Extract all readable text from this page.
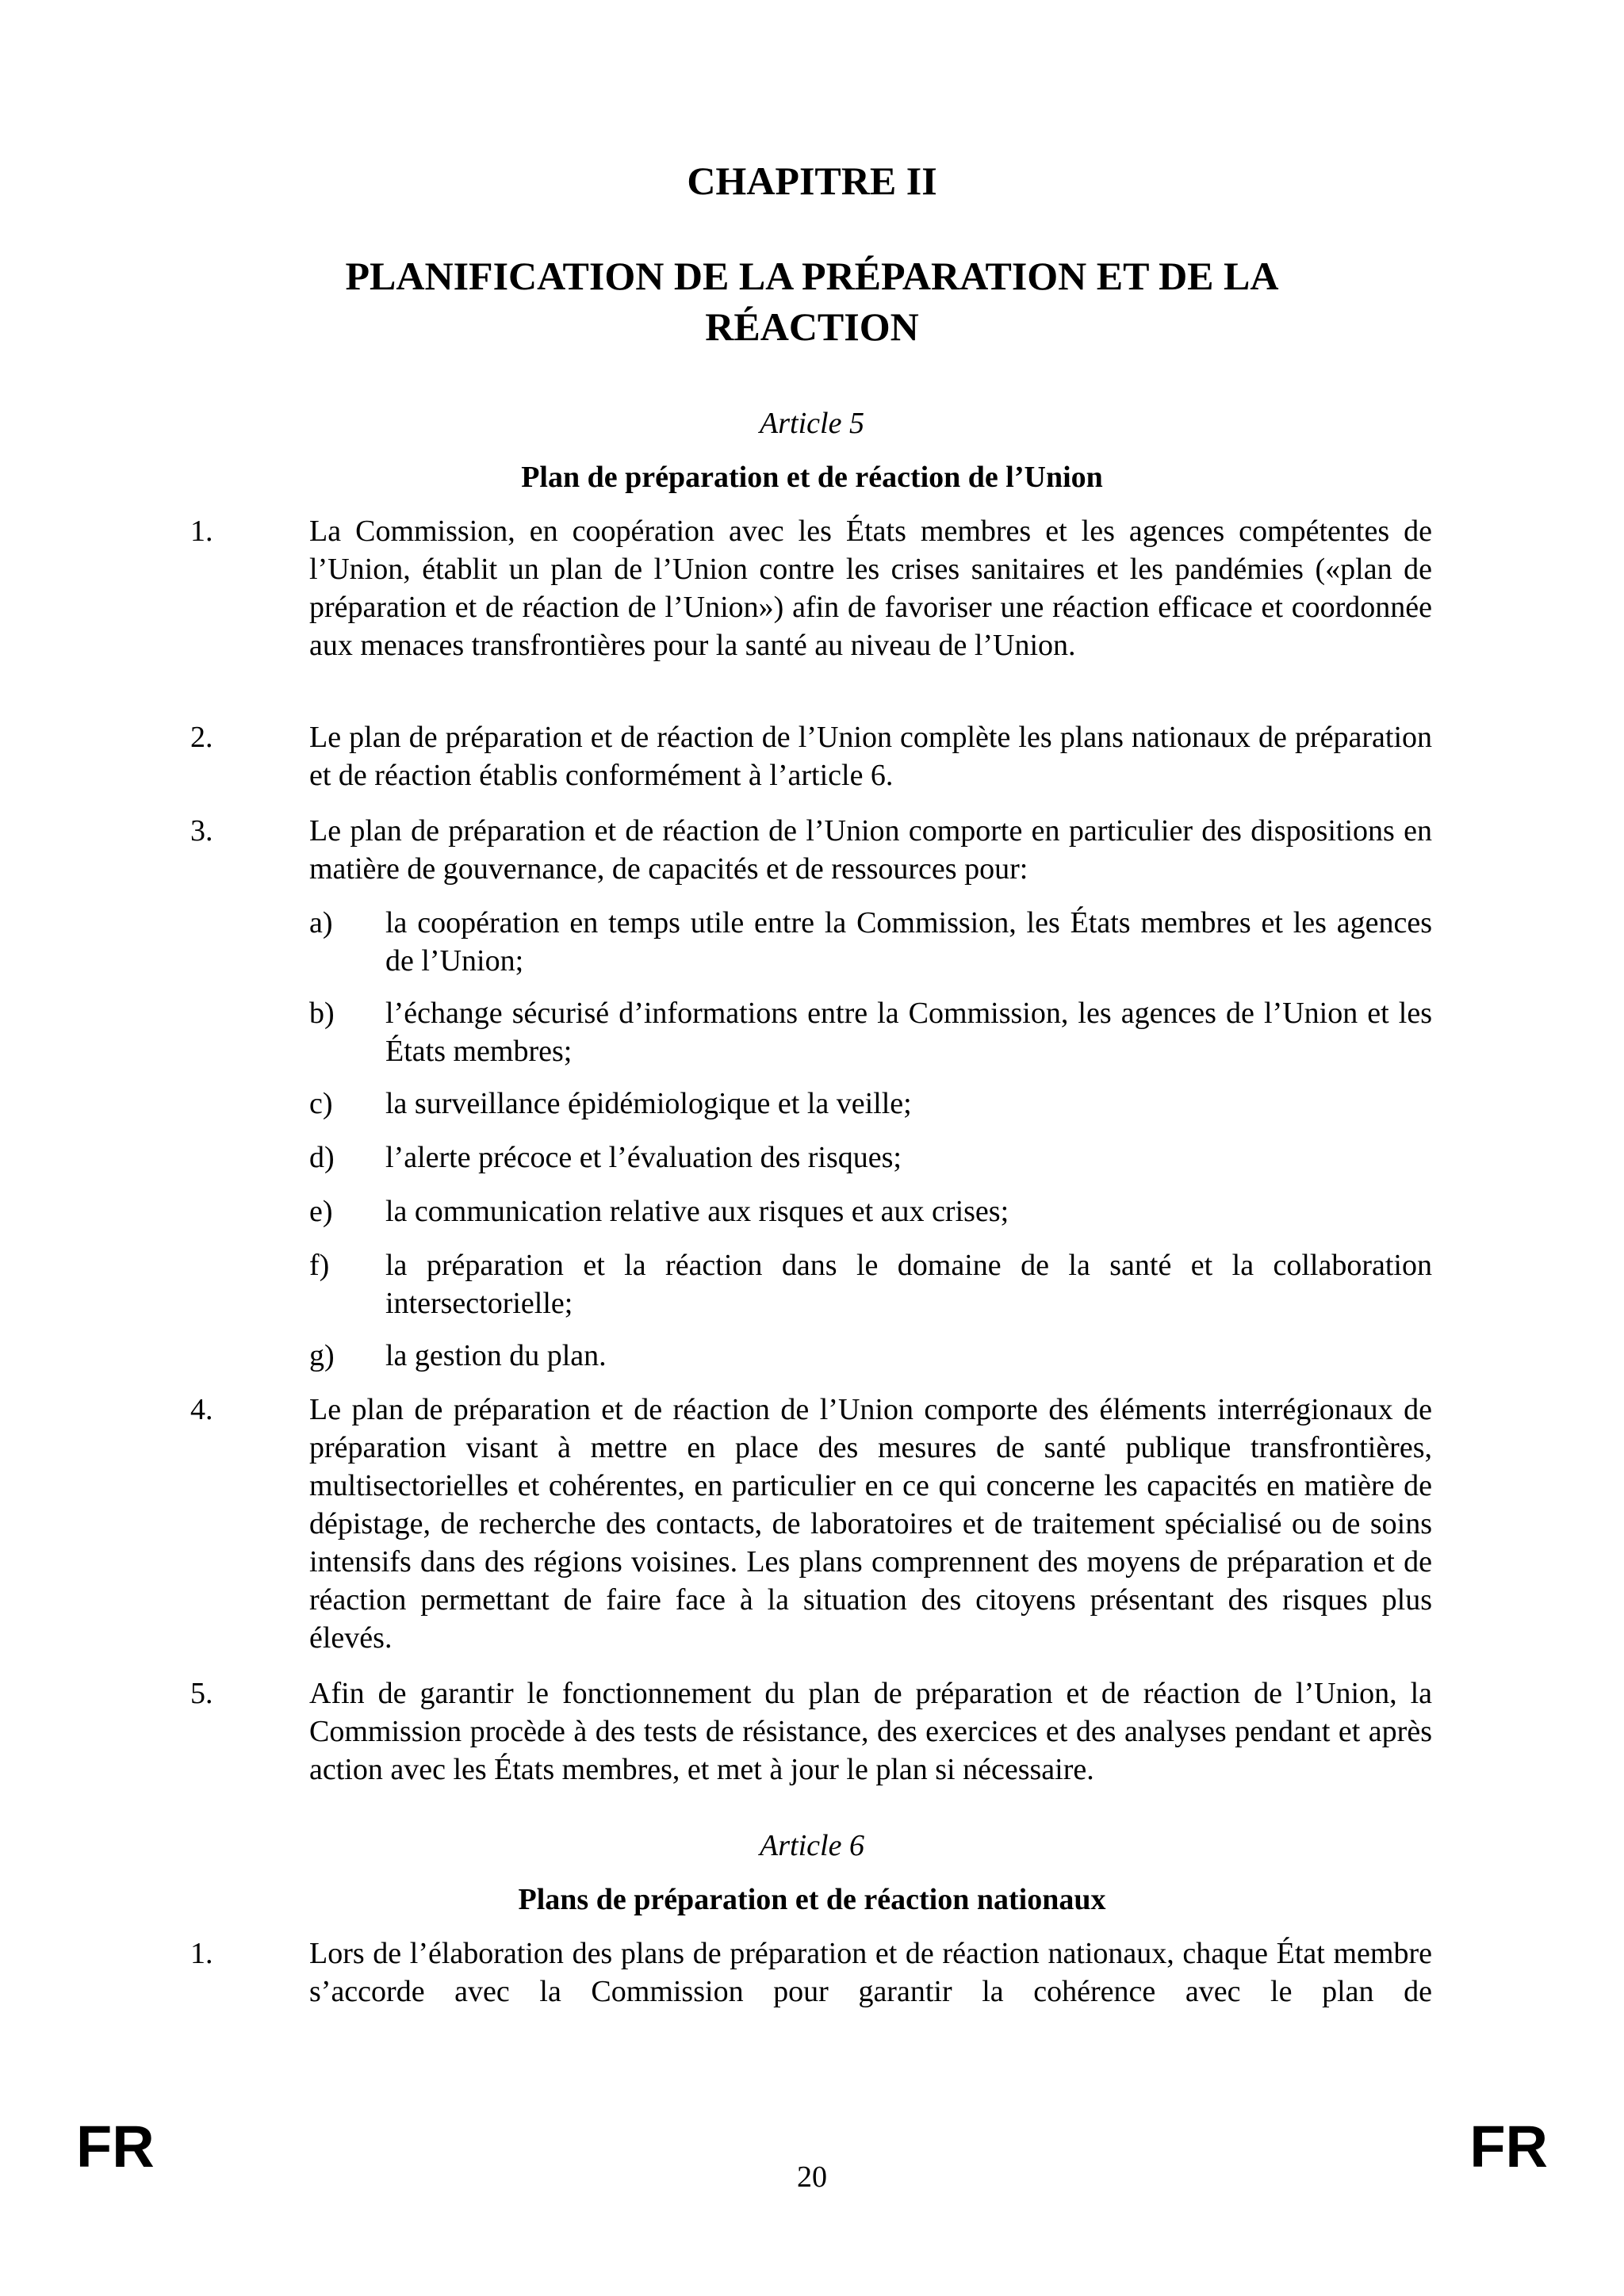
CHAPITRE II
PLANIFICATION DE LA PRÉPARATION ET DE LA RÉACTION
Article 5
Plan de préparation et de réaction de l’Union
1.	La Commission, en coopération avec les États membres et les agences compétentes de l’Union, établit un plan de l’Union contre les crises sanitaires et les pandémies («plan de préparation et de réaction de l’Union») afin de favoriser une réaction efficace et coordonnée aux menaces transfrontières pour la santé au niveau de l’Union.
2.	Le plan de préparation et de réaction de l’Union complète les plans nationaux de préparation et de réaction établis conformément à l’article 6.
3.	Le plan de préparation et de réaction de l’Union comporte en particulier des dispositions en matière de gouvernance, de capacités et de ressources pour:
a) la coopération en temps utile entre la Commission, les États membres et les agences de l’Union;
b) l’échange sécurisé d’informations entre la Commission, les agences de l’Union et les États membres;
c) la surveillance épidémiologique et la veille;
d) l’alerte précoce et l’évaluation des risques;
e) la communication relative aux risques et aux crises;
f) la préparation et la réaction dans le domaine de la santé et la collaboration intersectorielle;
g) la gestion du plan.
4.	Le plan de préparation et de réaction de l’Union comporte des éléments interrégionaux de préparation visant à mettre en place des mesures de santé publique transfrontières, multisectorielles et cohérentes, en particulier en ce qui concerne les capacités en matière de dépistage, de recherche des contacts, de laboratoires et de traitement spécialisé ou de soins intensifs dans des régions voisines. Les plans comprennent des moyens de préparation et de réaction permettant de faire face à la situation des citoyens présentant des risques plus élevés.
5.	Afin de garantir le fonctionnement du plan de préparation et de réaction de l’Union, la Commission procède à des tests de résistance, des exercices et des analyses pendant et après action avec les États membres, et met à jour le plan si nécessaire.
Article 6
Plans de préparation et de réaction nationaux
1.	Lors de l’élaboration des plans de préparation et de réaction nationaux, chaque État membre s’accorde avec la Commission pour garantir la cohérence avec le plan de
FR	20	FR
